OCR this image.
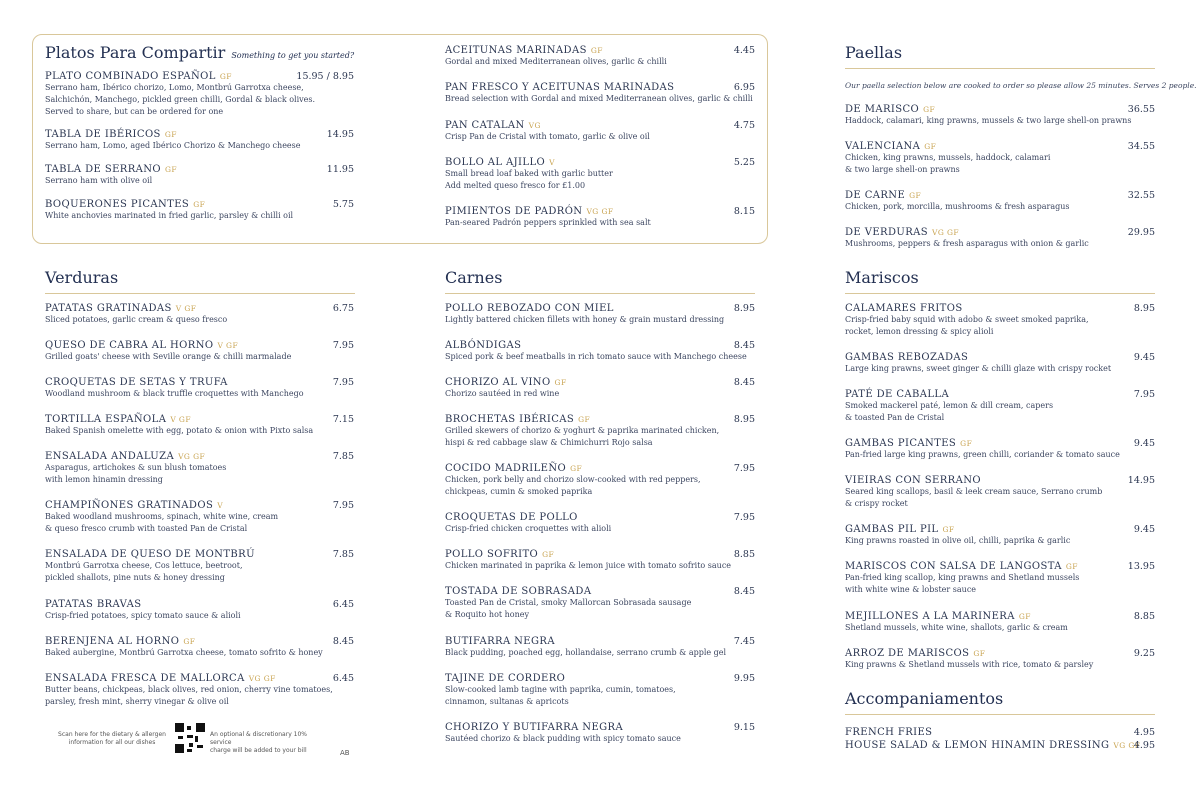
Platos Para Compartir Something to get you started?
PLATO COMBINADO ESPAÑOL GF
Serrano ham, Ibérico chorizo, Lomo, Montbrú Garrotxa cheese,
Salchichón, Manchego, pickled green chilli, Gordal & black olives.
Served to share, but can be ordered for one
15.95 / 8.95
TABLA DE IBÉRICOS GF
Serrano ham, Lomo, aged Ibérico Chorizo & Manchego cheese
14.95
TABLA DE SERRANO GF
Serrano ham with olive oil
11.95
BOQUERONES PICANTES GF
White anchovies marinated in fried garlic, parsley & chilli oil
5.75
ACEITUNAS MARINADAS GF
Gordal and mixed Mediterranean olives, garlic & chilli
4.45
PAN FRESCO Y ACEITUNAS MARINADAS
Bread selection with Gordal and mixed Mediterranean olives, garlic & chilli
6.95
PAN CATALAN VG
Crisp Pan de Cristal with tomato, garlic & olive oil
4.75
BOLLO AL AJILLO V
Small bread loaf baked with garlic butter
Add melted queso fresco for £1.00
5.25
PIMIENTOS DE PADRÓN VG GF
Pan-seared Padrón peppers sprinkled with sea salt
8.15
Verduras
PATATAS GRATINADAS V GF
Sliced potatoes, garlic cream & queso fresco
6.75
QUESO DE CABRA AL HORNO V GF
Grilled goats' cheese with Seville orange & chilli marmalade
7.95
CROQUETAS DE SETAS Y TRUFA
Woodland mushroom & black truffle croquettes with Manchego
7.95
TORTILLA ESPAÑOLA V GF
Baked Spanish omelette with egg, potato & onion with Pixto salsa
7.15
ENSALADA ANDALUZA VG GF
Asparagus, artichokes & sun blush tomatoes
with lemon hinamin dressing
7.85
CHAMPIÑONES GRATINADOS V
Baked woodland mushrooms, spinach, white wine, cream
& queso fresco crumb with toasted Pan de Cristal
7.95
ENSALADA DE QUESO DE MONTBRÚ
Montbrú Garrotxa cheese, Cos lettuce, beetroot,
pickled shallots, pine nuts & honey dressing
7.85
PATATAS BRAVAS
Crisp-fried potatoes, spicy tomato sauce & alioli
6.45
BERENJENA AL HORNO GF
Baked aubergine, Montbrú Garrotxa cheese, tomato sofrito & honey
8.45
ENSALADA FRESCA DE MALLORCA VG GF
Butter beans, chickpeas, black olives, red onion, cherry vine tomatoes,
parsley, fresh mint, sherry vinegar & olive oil
6.45
Carnes
POLLO REBOZADO CON MIEL
Lightly battered chicken fillets with honey & grain mustard dressing
8.95
ALBÓNDIGAS
Spiced pork & beef meatballs in rich tomato sauce with Manchego cheese
8.45
CHORIZO AL VINO GF
Chorizo sautéed in red wine
8.45
BROCHETAS IBÉRICAS GF
Grilled skewers of chorizo & yoghurt & paprika marinated chicken,
hispi & red cabbage slaw & Chimichurri Rojo salsa
8.95
COCIDO MADRILEÑO GF
Chicken, pork belly and chorizo slow-cooked with red peppers,
chickpeas, cumin & smoked paprika
7.95
CROQUETAS DE POLLO
Crisp-fried chicken croquettes with alioli
7.95
POLLO SOFRITO GF
Chicken marinated in paprika & lemon juice with tomato sofrito sauce
8.85
TOSTADA DE SOBRASADA
Toasted Pan de Cristal, smoky Mallorcan Sobrasada sausage
& Roquito hot honey
8.45
BUTIFARRA NEGRA
Black pudding, poached egg, hollandaise, serrano crumb & apple gel
7.45
TAJINE DE CORDERO
Slow-cooked lamb tagine with paprika, cumin, tomatoes,
cinnamon, sultanas & apricots
9.95
CHORIZO Y BUTIFARRA NEGRA
Sautéed chorizo & black pudding with spicy tomato sauce
9.15
Paellas
Our paella selection below are cooked to order so please allow 25 minutes. Serves 2 people.
DE MARISCO GF
Haddock, calamari, king prawns, mussels & two large shell-on prawns
36.55
VALENCIANA GF
Chicken, king prawns, mussels, haddock, calamari
& two large shell-on prawns
34.55
DE CARNE GF
Chicken, pork, morcilla, mushrooms & fresh asparagus
32.55
DE VERDURAS VG GF
Mushrooms, peppers & fresh asparagus with onion & garlic
29.95
Mariscos
CALAMARES FRITOS
Crisp-fried baby squid with adobo & sweet smoked paprika,
rocket, lemon dressing & spicy alioli
8.95
GAMBAS REBOZADAS
Large king prawns, sweet ginger & chilli glaze with crispy rocket
9.45
PATÉ DE CABALLA
Smoked mackerel paté, lemon & dill cream, capers
& toasted Pan de Cristal
7.95
GAMBAS PICANTES GF
Pan-fried large king prawns, green chilli, coriander & tomato sauce
9.45
VIEIRAS CON SERRANO
Seared king scallops, basil & leek cream sauce, Serrano crumb
& crispy rocket
14.95
GAMBAS PIL PIL GF
King prawns roasted in olive oil, chilli, paprika & garlic
9.45
MARISCOS CON SALSA DE LANGOSTA GF
Pan-fried king scallop, king prawns and Shetland mussels
with white wine & lobster sauce
13.95
MEJILLONES A LA MARINERA GF
Shetland mussels, white wine, shallots, garlic & cream
8.85
ARROZ DE MARISCOS GF
King prawns & Shetland mussels with rice, tomato & parsley
9.25
Accompaniamentos
FRENCH FRIES	4.95
HOUSE SALAD & LEMON HINAMIN DRESSING VG GF
4.95
Scan here for the dietary & allergen
information for all our dishes
An optional & discretionary 10% service
charge will be added to your bill	AB
